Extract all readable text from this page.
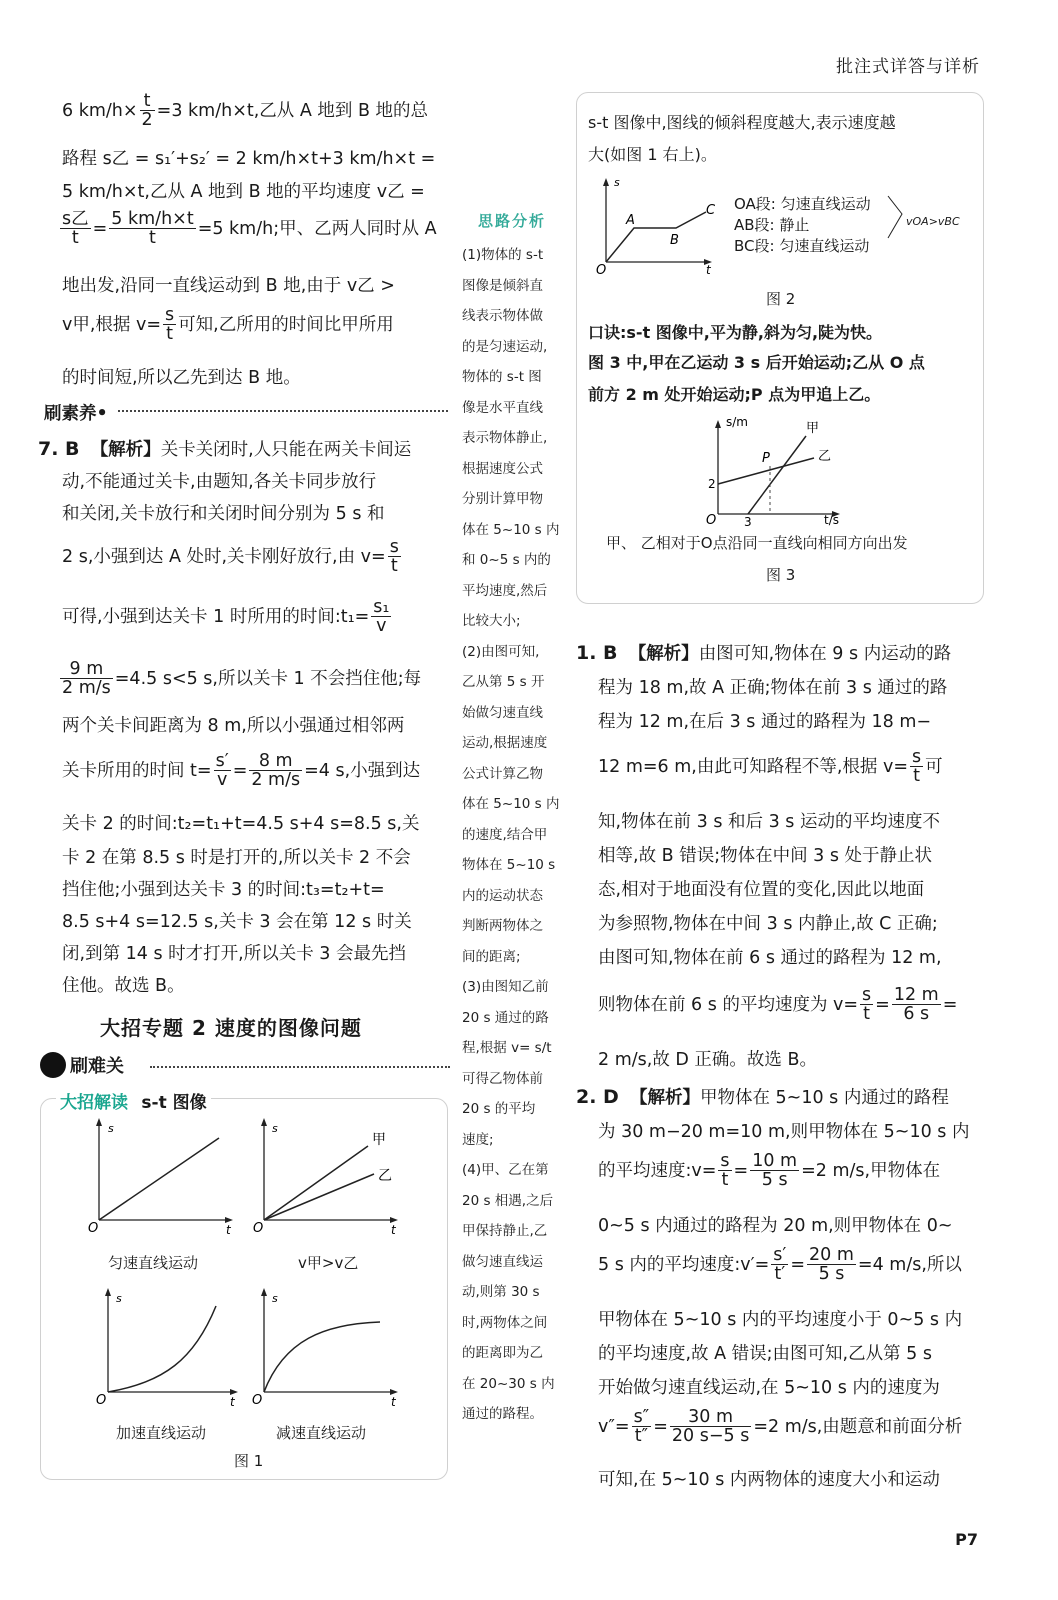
批注式详答与详析
6 $km/h\times \frac{t}{2} =3$ km/h×t,乙从 A 地到 B 地的总
路程 s乙 = s₁′+s₂′ = 2 km/h×t+3 km/h×t =
5 km/h×t,乙从 A 地到 B 地的平均速度 v乙 =
$\frac{\text{s乙}}{t} = \frac{5 km/h\times t}{t} =5$ km/h;甲、乙两人同时从 A
地出发,沿同一直线运动到 B 地,由于 v乙 >
v甲,根据 $v= \frac{s}{t}$ 可知,乙所用的时间比甲所用
的时间短,所以乙先到达 B 地。
刷素养•
7. B 【解析】关卡关闭时,人只能在两关卡间运
动,不能通过关卡,由题知,各关卡同步放行
和关闭,关卡放行和关闭时间分别为 5 s 和
2 s,小强到达 A 处时,关卡刚好放行,由 $v= \frac{s}{t}$
可得,小强到达关卡 1 时所用的时间:t₁= $\frac{\text{s₁}}{v}$
$\frac{9 m}{2 m/s} =4.5$ s<5 s,所以关卡 1 不会挡住他;每
两个关卡间距离为 8 m,所以小强通过相邻两
关卡所用的时间 $t= \frac{s'}{v} = \frac{8 m}{2 m/s} =4$ s,小强到达
关卡 2 的时间:t₂=t₁+t=4.5 s+4 s=8.5 s,关
卡 2 在第 8.5 s 时是打开的,所以关卡 2 不会
挡住他;小强到达关卡 3 的时间:t₃=t₂+t=
8.5 s+4 s=12.5 s,关卡 3 会在第 12 s 时关
闭,到第 14 s 时才打开,所以关卡 3 会最先挡
住他。故选 B。
大招专题 2 速度的图像问题
刷难关
大招解读 s-t 图像
s
O	t
s
O	t
甲
乙
s
O	t
s
O	t
匀速直线运动	v甲>v乙
加速直线运动	减速直线运动
图 1
思路分析
(1)物体的 s-t
图像是倾斜直
线表示物体做
的是匀速运动,
物体的 s-t 图
像是水平直线
表示物体静止,
根据速度公式
分别计算甲物
体在 5~10 s 内
和 0~5 s 内的
平均速度,然后
比较大小;
(2)由图可知,
乙从第 5 s 开
始做匀速直线
运动,根据速度
公式计算乙物
体在 5~10 s 内
的速度,结合甲
物体在 5~10 s
内的运动状态
判断两物体之
间的距离;
(3)由图知乙前
20 s 通过的路
程,根据 v= s/t
可得乙物体前
20 s 的平均
速度;
(4)甲、乙在第
20 s 相遇,之后
甲保持静止,乙
做匀速直线运
动,则第 30 s
时,两物体之间
的距离即为乙
在 20~30 s 内
通过的路程。
s-t 图像中,图线的倾斜程度越大,表示速度越
大(如图 1 右上)。
s
O	t
A
B
C OA段: 匀速直线运动
AB段: 静止
BC段: 匀速直线运动
vOA>vBC
图 2
口诀:s-t 图像中,平为静,斜为匀,陡为快。
图 3 中,甲在乙运动 3 s 后开始运动;乙从 O 点
前方 2 m 处开始运动;P 点为甲追上乙。
s/m
t/s
甲
乙
P
2
3
O
甲、 乙相对于O点沿同一直线向相同方向出发
图 3
1. B 【解析】由图可知,物体在 9 s 内运动的路
程为 18 m,故 A 正确;物体在前 3 s 通过的路
程为 12 m,在后 3 s 通过的路程为 18 m−
12 m=6 m,由此可知路程不等,根据 $v= \frac{s}{t}$ 可
知,物体在前 3 s 和后 3 s 运动的平均速度不
相等,故 B 错误;物体在中间 3 s 处于静止状
态,相对于地面没有位置的变化,因此以地面
为参照物,物体在中间 3 s 内静止,故 C 正确;
由图可知,物体在前 6 s 通过的路程为 12 m,
则物体在前 6 s 的平均速度为 $v= \frac{s}{t} = \frac{12 m}{6 s}$ =
2 m/s,故 D 正确。故选 B。
2. D 【解析】甲物体在 5~10 s 内通过的路程
为 30 m−20 m=10 m,则甲物体在 5~10 s 内
的平均速度:v= $\frac{s}{t} = \frac{10 m}{5 s} =2$ m/s,甲物体在
0~5 s 内通过的路程为 20 m,则甲物体在 0~
5 s 内的平均速度:v′= $\frac{s'}{t'} = \frac{20 m}{5 s} =4$ m/s,所以
甲物体在 5~10 s 内的平均速度小于 0~5 s 内
的平均速度,故 A 错误;由图可知,乙从第 5 s
开始做匀速直线运动,在 5~10 s 内的速度为
$v''= \frac{s''}{t''} = \frac{30 m}{20 s-5 s} =2$ m/s,由题意和前面分析
可知,在 5~10 s 内两物体的速度大小和运动
P7
